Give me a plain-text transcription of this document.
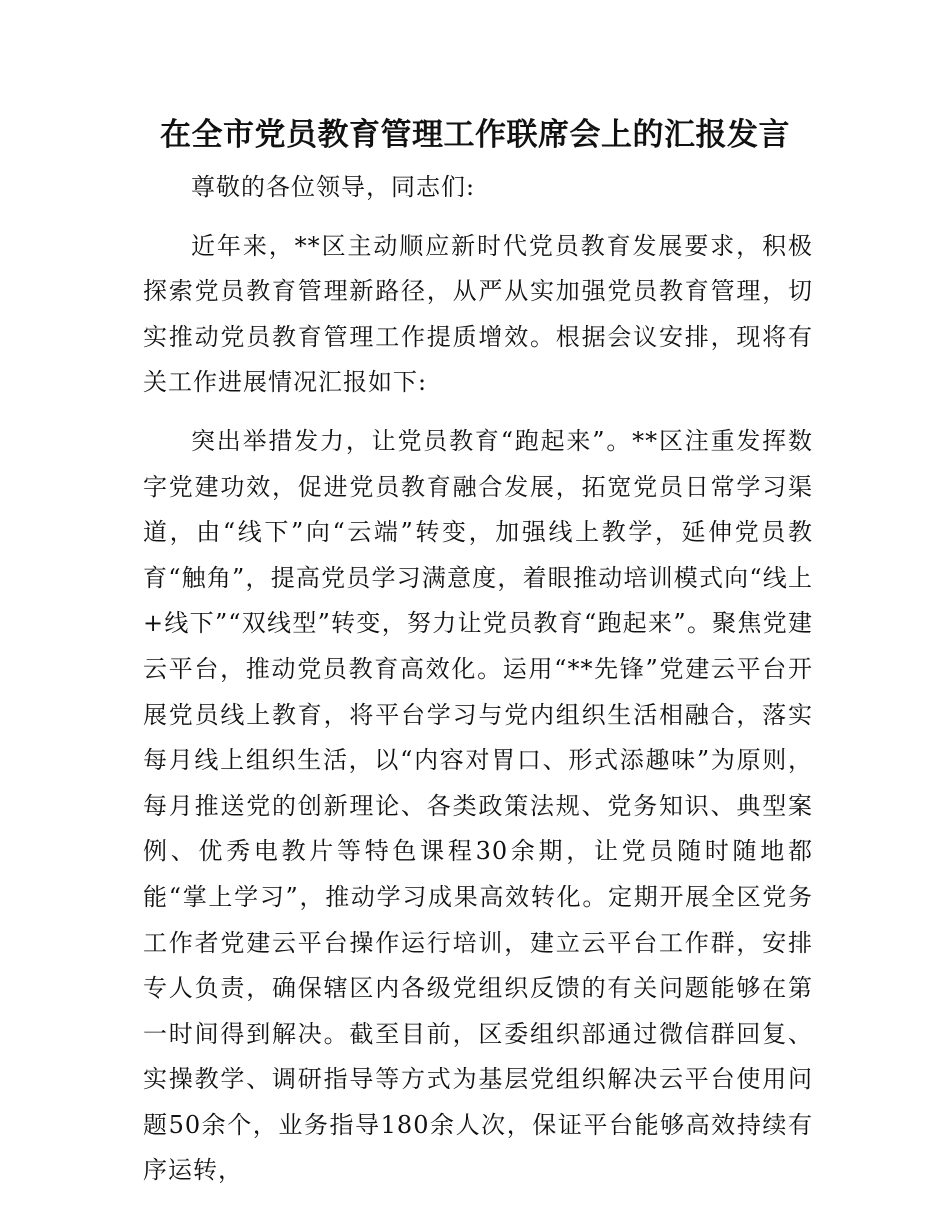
在全市党员教育管理工作联席会上的汇报发言

尊敬的各位领导，同志们:

近年来，**区主动顺应新时代党员教育发展要求，积极探索党员教育管理新路径，从严从实加强党员教育管理，切实推动党员教育管理工作提质增效。根据会议安排，现将有关工作进展情况汇报如下:

突出举措发力，让党员教育“跑起来”。**区注重发挥数字党建功效，促进党员教育融合发展，拓宽党员日常学习渠道，由“线下”向“云端”转变，加强线上教学，延伸党员教育“触角”，提高党员学习满意度，着眼推动培训模式向“线上+线下”“双线型”转变，努力让党员教育“跑起来”。聚焦党建云平台，推动党员教育高效化。运用“**先锋”党建云平台开展党员线上教育，将平台学习与党内组织生活相融合，落实每月线上组织生活，以“内容对胃口、形式添趣味”为原则，每月推送党的创新理论、各类政策法规、党务知识、典型案例、优秀电教片等特色课程30余期，让党员随时随地都能“掌上学习”，推动学习成果高效转化。定期开展全区党务工作者党建云平台操作运行培训，建立云平台工作群，安排专人负责，确保辖区内各级党组织反馈的有关问题能够在第一时间得到解决。截至目前，区委组织部通过微信群回复、实操教学、调研指导等方式为基层党组织解决云平台使用问题50余个，业务指导180余人次，保证平台能够高效持续有序运转，
